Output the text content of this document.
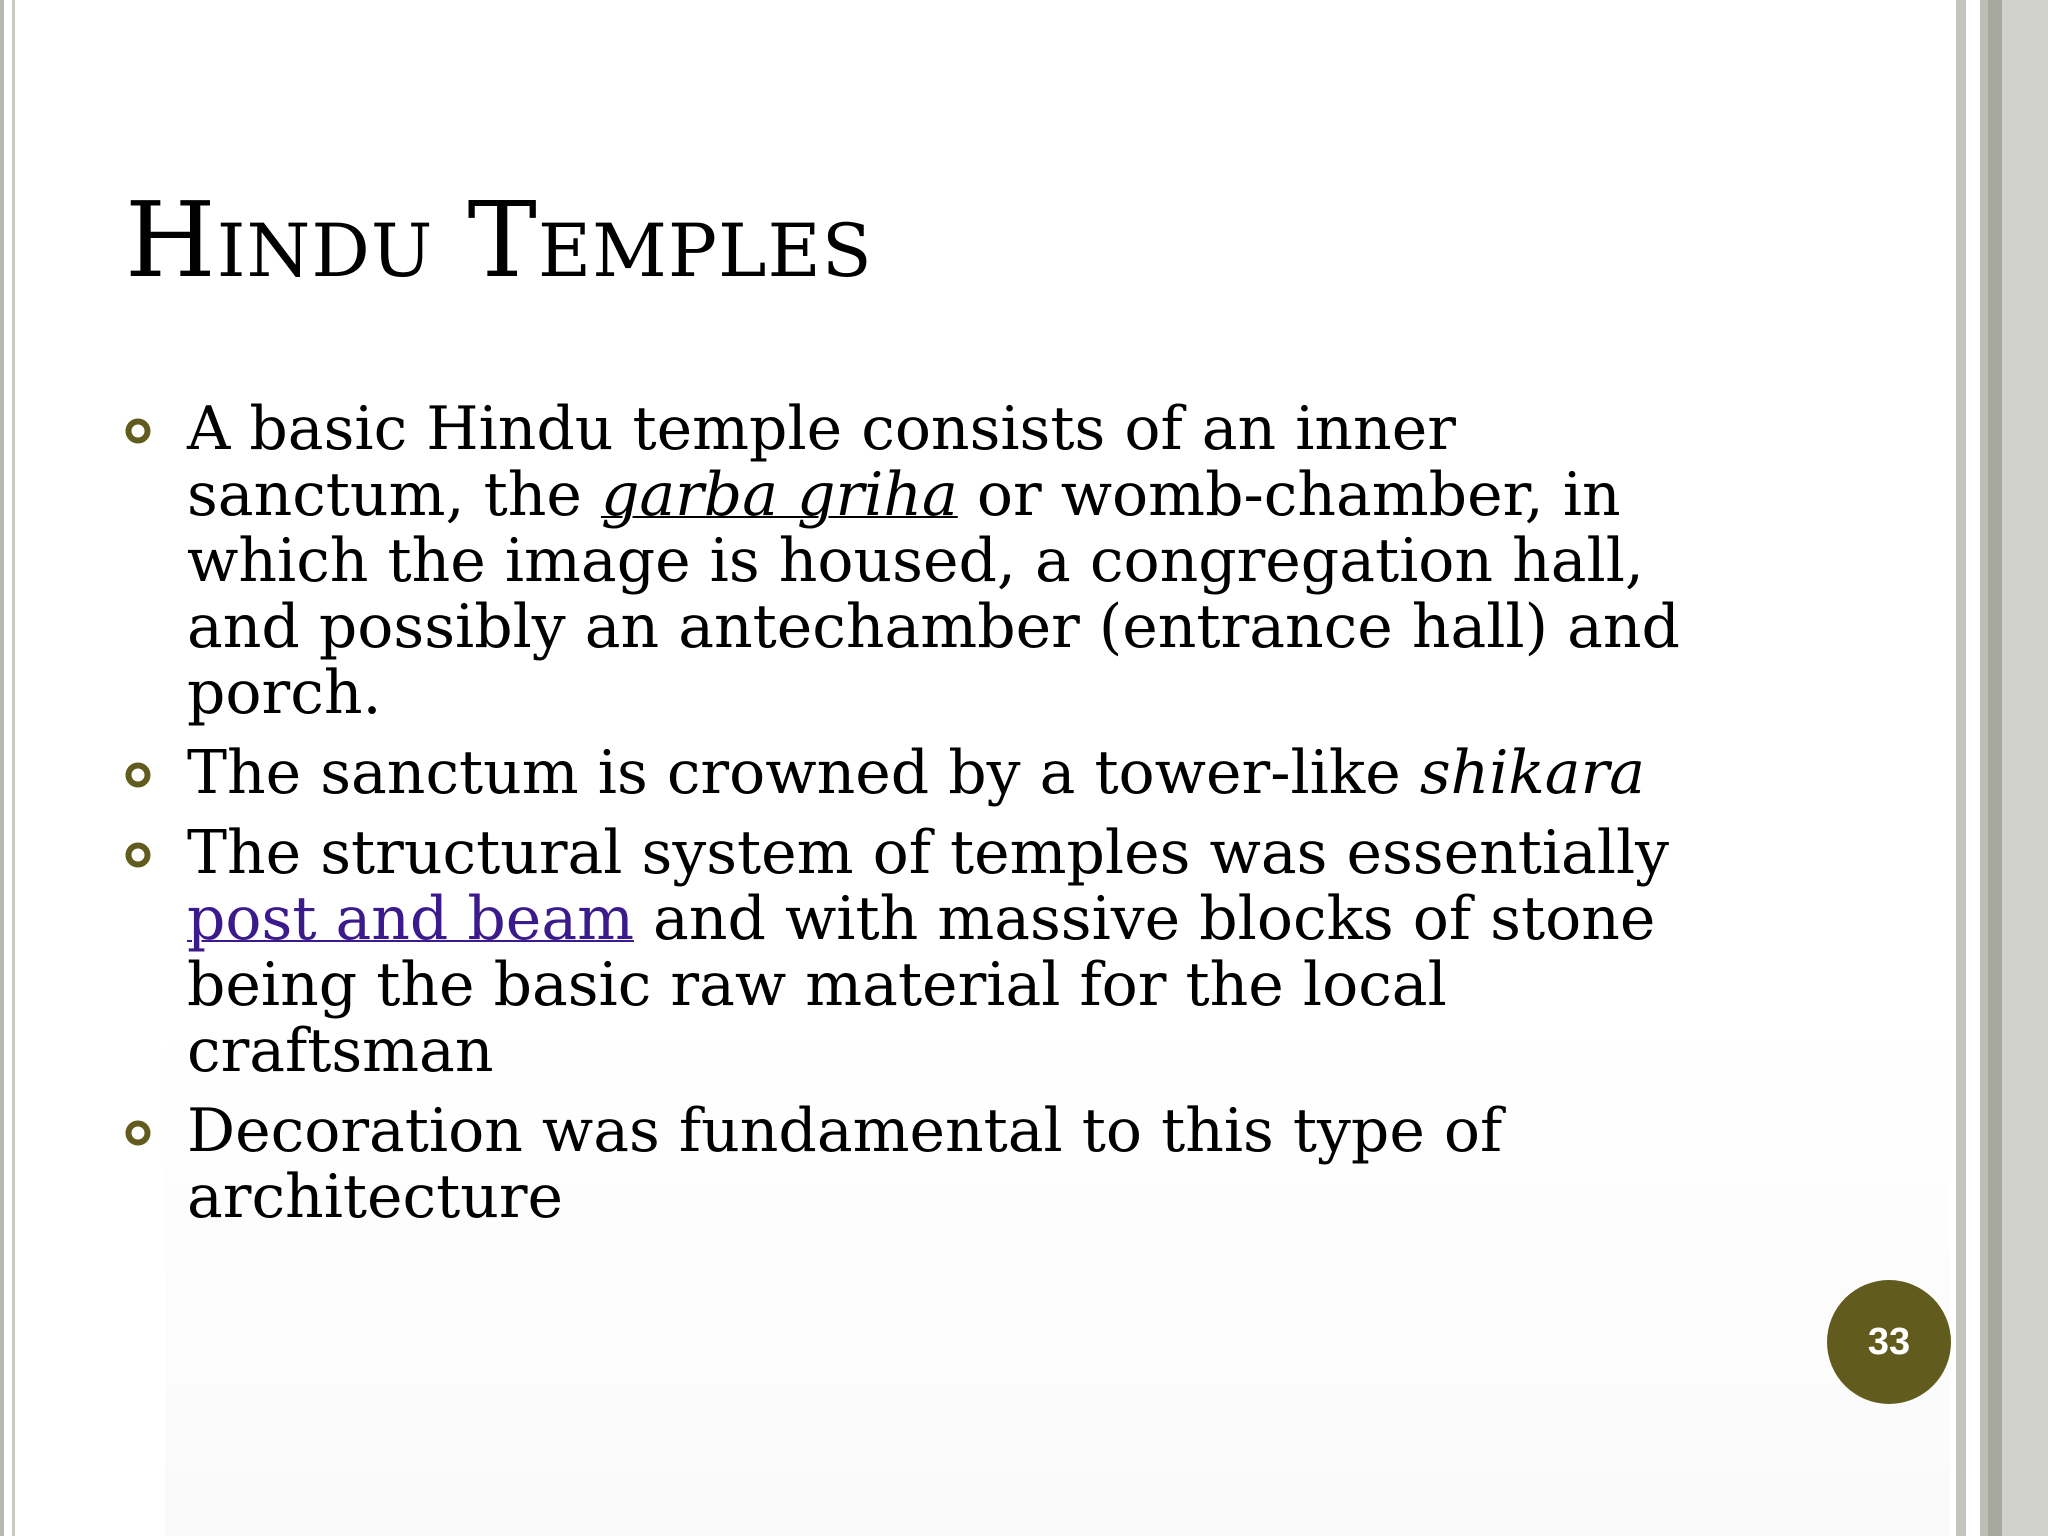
Hindu Temples
A basic Hindu temple consists of an inner sanctum, the garba griha or womb-chamber, in which the image is housed, a congregation hall, and possibly an antechamber (entrance hall) and porch.
The sanctum is crowned by a tower-like shikara
The structural system of temples was essentially post and beam and with massive blocks of stone being the basic raw material for the local craftsman
Decoration was fundamental to this type of architecture
33
